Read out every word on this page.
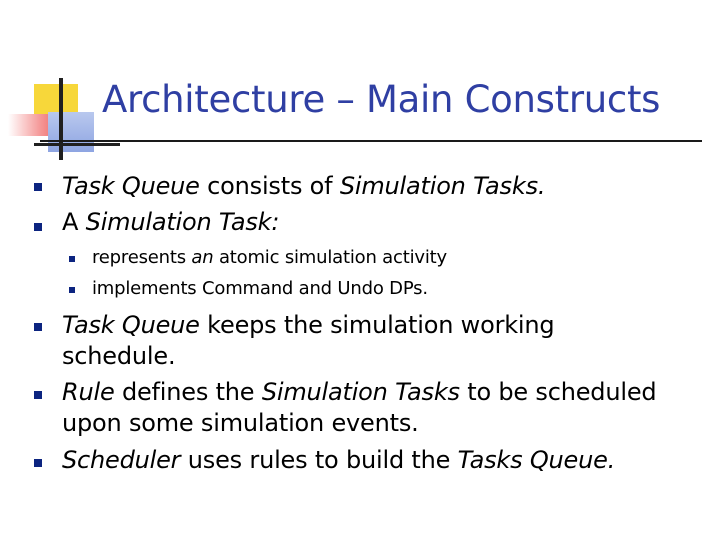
Architecture – Main Constructs
Task Queue consists of Simulation Tasks.
A Simulation Task:
represents an atomic simulation activity
implements Command and Undo DPs.
Task Queue keeps the simulation working
schedule.
Rule defines the Simulation Tasks to be scheduled
upon some simulation events.
Scheduler uses rules to build the Tasks Queue.
